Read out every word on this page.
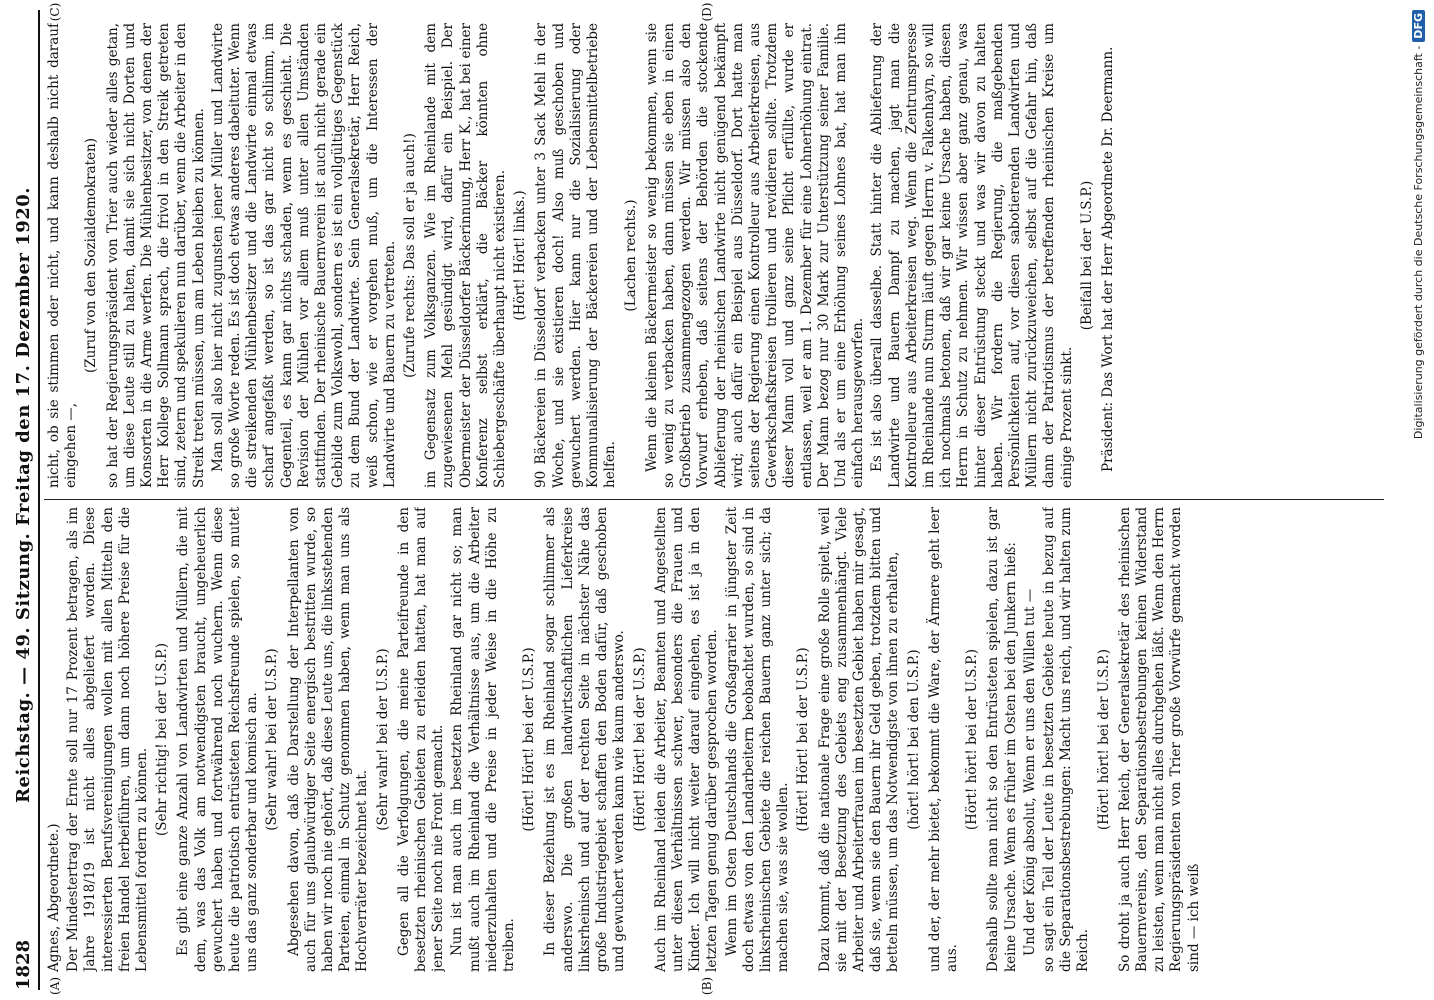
1828
Reichstag. — 49. Sitzung. Freitag den 17. Dezember 1920.
(A)	(B)
(C)	(D)

Agnes, Abgeordnete.) Der Mindestertrag der Ernte soll nur 17 Prozent betragen, als im Jahre 1918/19 ist nicht alles abgeliefert worden. Diese interessierten Berufsvereinigungen wollen mit allen Mitteln den freien Handel herbeiführen, um dann noch höhere Preise für die Lebensmittel fordern zu können.

(Sehr richtig! bei der U.S.P.) Es gibt eine ganze Anzahl von Landwirten und Müllern, die mit dem, was das Volk am notwendigsten braucht, ungeheuerlich gewuchert haben und fortwährend noch wuchern. Wenn diese heute die patriotisch entrüsteten Reichsfreunde spielen, so mutet uns das ganz sonderbar und komisch an. (Sehr wahr! bei der U.S.P.) Abgesehen davon, daß die Darstellung der Interpellanten von auch für uns glaubwürdiger Seite energisch bestritten wurde, so haben wir noch nie gehört, daß diese Leute uns, die linksstehenden Parteien, einmal in Schutz genommen haben, wenn man uns als Hochverräter bezeichnet hat.

(Sehr wahr! bei der U.S.P.) Gegen all die Verfolgungen, die meine Parteifreunde in den besetzten rheinischen Gebieten zu erleiden hatten, hat man auf jener Seite noch nie Front gemacht. Nun ist man auch im besetzten Rheinland gar nicht so; man mußt auch im Rheinland die Verhältnisse aus, um die Arbeiter niederzuhalten und die Preise in jeder Weise in die Höhe zu treiben.

(Hört! Hört! bei der U.S.P.) In dieser Beziehung ist es im Rheinland sogar schlimmer als anderswo. Die großen landwirtschaftlichen Lieferkreise linksrheinisch und auf der rechten Seite in nächster Nähe das große Industriegebiet schaffen den Boden dafür, daß geschoben und gewuchert werden kann wie kaum anderswo. (Hört! Hört! bei der U.S.P.) Auch im Rheinland leiden die Arbeiter, Beamten und Angestellten unter diesen Verhältnissen schwer, besonders die Frauen und Kinder. Ich will nicht weiter darauf eingehen, es ist ja in den letzten Tagen genug darüber gesprochen worden. Wenn im Osten Deutschlands die Großagrarier in jüngster Zeit doch etwas von den Landarbeitern beobachtet wurden, so sind in linksrheinischen Gebiete die reichen Bauern ganz unter sich; da machen sie, was sie wollen.

(Hört! Hört! bei der U.S.P.) Dazu kommt, daß die nationale Frage eine große Rolle spielt, weil sie mit der Besetzung des Gebiets eng zusammenhängt. Viele Arbeiter und Arbeiterfrauen im besetzten Gebiet haben mir gesagt, daß sie, wenn sie den Bauern ihr Geld geben, trotzdem bitten und betteln müssen, um das Notwendigste von ihnen zu erhalten, (hört! hört! bei den U.S.P.) und der, der mehr bietet, bekommt die Ware, der Ärmere geht leer aus.

(Hört! hört! bei der U.S.P.) Deshalb sollte man nicht so den Entrüsteten spielen, dazu ist gar keine Ursache. Wenn es früher im Osten bei den Junkern hieß: Und der König absolut, Wenn er uns den Willen tut — so sagt ein Teil der Leute in besetzten Gebiete heute in bezug auf die Separationsbestrebungen: Macht uns reich, und wir halten zum Reich.

(Hört! hört! bei der U.S.P.) So droht ja auch Herr Reich, der Generalsekretär des rheinischen Bauernvereins, den Separationsbestrebungen keinen Widerstand zu leisten, wenn man nicht alles durchgehen läßt. Wenn den Herrn Regierungspräsidenten von Trier große Vorwürfe gemacht worden sind — ich weiß

nicht, ob sie stimmen oder nicht, und kann deshalb nicht darauf eingehen —,

(Zuruf von den Sozialdemokraten) so hat der Regierungspräsident von Trier auch wieder alles getan, um diese Leute still zu halten, damit sie sich nicht Dorten und Konsorten in die Arme werfen. Die Mühlenbesitzer, von denen der Herr Kollege Sollmann sprach, die frivol in den Streik getreten sind, zetern und spekulieren nun darüber, wenn die Arbeiter in den Streik treten müssen, um am Leben bleiben zu können. Man soll also hier nicht zugunsten jener Müller und Landwirte so große Worte reden. Es ist doch etwas anderes dabeituter. Wenn die streikenden Mühlenbesitzer und die Landwirte einmal etwas scharf angefaßt werden, so ist das gar nicht so schlimm, im Gegenteil, es kann gar nichts schaden, wenn es geschieht. Die Revision der Mühlen vor allem muß unter allen Umständen stattfinden. Der rheinische Bauernverein ist auch nicht gerade ein Gebilde zum Volkswohl, sondern es ist ein vollgültiges Gegenstück zu dem Bund der Landwirte. Sein Generalsekretär, Herr Reich, weiß schon, wie er vorgehen muß, um die Interessen der Landwirte und Bauern zu vertreten. (Zurufe rechts: Das soll er ja auch!) im Gegensatz zum Volksganzen. Wie im Rheinlande mit dem zugewiesenen Mehl gesündigt wird, dafür ein Beispiel. Der Obermeister der Düsseldorfer Bäckerinnung, Herr K., hat bei einer Konferenz selbst erklärt, die Bäcker könnten ohne Schiebergeschäfte überhaupt nicht existieren. (Hört! Hört! links.) 90 Bäckereien in Düsseldorf verbacken unter 3 Sack Mehl in der Woche, und sie existieren doch! Also muß geschoben und gewuchert werden. Hier kann nur die Sozialisierung oder Kommunalisierung der Bäckereien und der Lebensmittelbetriebe helfen.

(Lachen rechts.) Wenn die kleinen Bäckermeister so wenig bekommen, wenn sie so wenig zu verbacken haben, dann müssen sie eben in einen Großbetrieb zusammengezogen werden. Wir müssen also den Vorwurf erheben, daß seitens der Behörden die stockende Ablieferung der rheinischen Landwirte nicht genügend bekämpft wird; auch dafür ein Beispiel aus Düsseldorf. Dort hatte man seitens der Regierung einen Kontrolleur aus Arbeiterkreisen, aus Gewerkschaftskreisen trollieren und revidieren sollte. Trotzdem dieser Mann voll und ganz seine Pflicht erfüllte, wurde er entlassen, weil er am 1. Dezember für eine Lohnerhöhung eintrat. Der Mann bezog nur 30 Mark zur Unterstützung seiner Familie. Und als er um eine Erhöhung seines Lohnes bat, hat man ihn einfach herausgeworfen. Es ist also überall dasselbe. Statt hinter die Ablieferung der Landwirte und Bauern Dampf zu machen, jagt man die Kontrolleure aus Arbeiterkreisen weg. Wenn die Zentrumspresse im Rheinlande nun Sturm läuft gegen Herrn v. Falkenhayn, so will ich nochmals betonen, daß wir gar keine Ursache haben, diesen Herrn in Schutz zu nehmen. Wir wissen aber ganz genau, was hinter dieser Entrüstung steckt und was wir davon zu halten haben. Wir fordern die Regierung, die maßgebenden Persönlichkeiten auf, vor diesen sabotierenden Landwirten und Müllern nicht zurückzuweichen, selbst auf die Gefahr hin, daß dann der Patriotismus der betreffenden rheinischen Kreise um einige Prozent sinkt.

(Beifall bei der U.S.P.) Präsident: Das Wort hat der Herr Abgeordnete Dr. Deermann.	Digitalisierung gefördert durch die Deutsche Forschungsgemeinschaft -DFG
